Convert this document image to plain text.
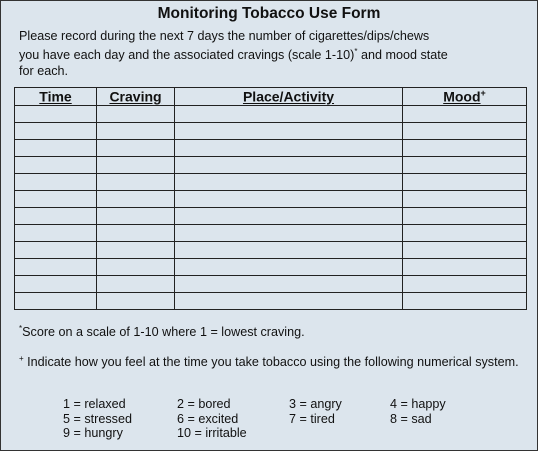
Monitoring Tobacco Use Form
Please record during the next 7 days the number of cigarettes/dips/chews you have each day and the associated cravings (scale 1-10)* and mood state for each.
Time	Craving	Place/Activity	Mood+

*Score on a scale of 1-10 where 1 = lowest craving.
+ Indicate how you feel at the time you take tobacco using the following numerical system.
1 = relaxed	2 = bored	3 = angry	4 = happy
5 = stressed	6 = excited	7 = tired	8 = sad
9 = hungry	10 = irritable
